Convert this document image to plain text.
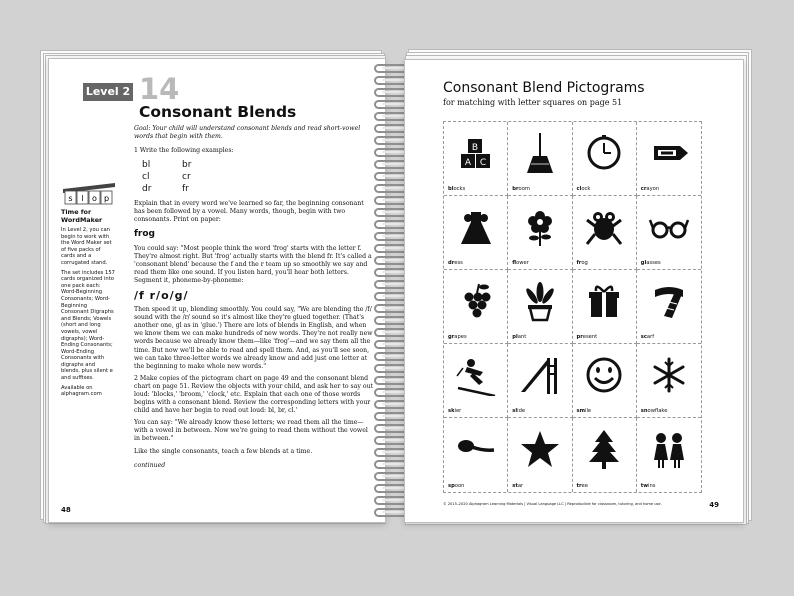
Level 2 14
Consonant Blends
s l o p

Time for WordMaker

In Level 2, you can begin to work with the Word Maker set of five packs of cards and a corrugated stand.

The set includes 157 cards organized into one pack each: Word-Beginning Consonants; Word-Beginning Consonant Digraphs and Blends; Vowels (short and long vowels, vowel digraphs); Word-Ending Consonants; Word-Ending Consonants with digraphs and blends, plus silent e and suffixes.

Available on alphagram.com

Goal: Your child will understand consonant blends and read short-vowel words that begin with them.

1 Write the following examples:

bl	br
cl	cr
dr	fr

Explain that in every word we've learned so far, the beginning consonant has been followed by a vowel. Many words, though, begin with two consonants. Print on paper:

frog

You could say: "Most people think the word 'frog' starts with the letter f. They're almost right. But 'frog' actually starts with the blend fr. It's called a 'consonant blend' because the f and the r team up so smoothly we say and read them like one sound. If you listen hard, you'll hear both letters. Segment it, phoneme-by-phoneme:

/f r/o/g/

Then speed it up, blending smoothly. You could say, "We are blending the /f/ sound with the /r/ sound so it's almost like they're glued together. (That's another one, gl as in 'glue.') There are lots of blends in English, and when we know them we can make hundreds of new words. They're not really new words because we already know them—like 'frog'—and we say them all the time. But now we'll be able to read and spell them. And, as you'll see soon, we can take three-letter words we already know and add just one letter at the beginning to make whole new words."

2 Make copies of the pictogram chart on page 49 and the consonant blend chart on page 51. Review the objects with your child, and ask her to say out loud: 'blocks,' 'broom,' 'clock,' etc. Explain that each one of those words begins with a consonant blend. Review the corresponding letters with your child and have her begin to read out loud: bl, br, cl.'

You can say: "We already know these letters; we read them all the time—with a vowel in between. Now we're going to read them without the vowel in between."

Like the single consonants, teach a few blends at a time.

continued

48
Consonant Blend Pictograms
for matching with letter squares on page 51
B
A C
blocks	broom	clock	crayon
dress	flower	frog	glasses
grapes	plant	present	scarf
skier	slide	smile	snowflake
spoon	star	tree	twins
© 2015–2020 Alphagram Learning Materials | Visual Language LLC | Reproducible for classroom, tutoring, and home use.	49
